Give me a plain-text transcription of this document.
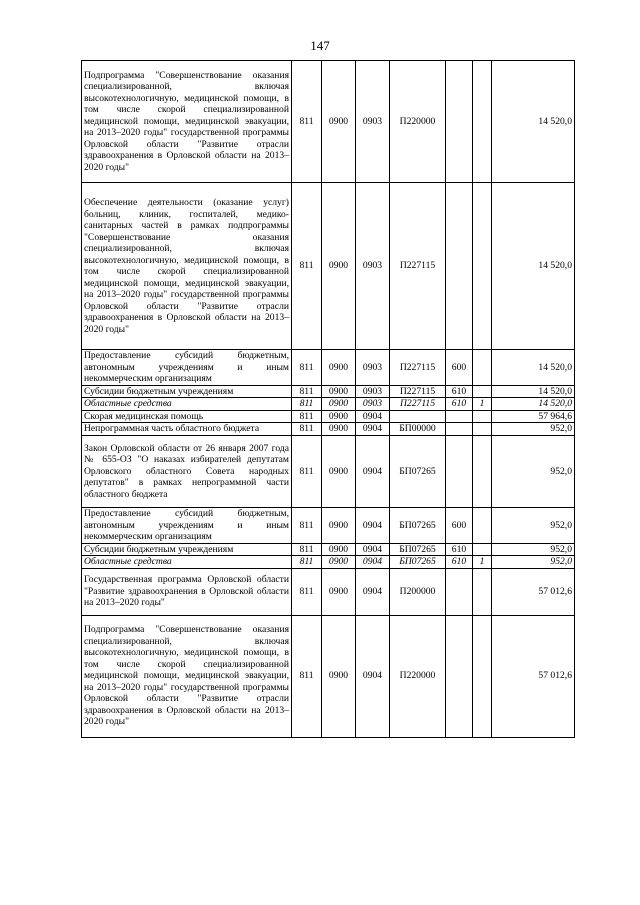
147
Подпрограмма "Совершенствование оказания специализированной, включая высокотехнологичную, медицинской помощи, в том числе скорой специализированной медицинской помощи, медицинской эвакуации, на 2013–2020 годы" государственной программы Орловской области "Развитие отрасли здравоохранения в Орловской области на 2013–2020 годы"	811	0900	0903	П220000			14 520,0
Обеспечение деятельности (оказание услуг) больниц, клиник, госпиталей, медико-санитарных частей в рамках подпрограммы "Совершенствование оказания специализированной, включая высокотехнологичную, медицинской помощи, в том числе скорой специализированной медицинской помощи, медицинской эвакуации, на 2013–2020 годы" государственной программы Орловской области "Развитие отрасли здравоохранения в Орловской области на 2013–2020 годы"	811	0900	0903	П227115			14 520,0
Предоставление субсидий бюджетным, автономным учреждениям и иным некоммерческим организациям	811	0900	0903	П227115	600		14 520,0
Субсидии бюджетным учреждениям	811	0900	0903	П227115	610		14 520,0
Областные средства	811	0900	0903	П227115	610	1	14 520,0
Скорая медицинская помощь	811	0900	0904				57 964,6
Непрограммная часть областного бюджета	811	0900	0904	БП00000			952,0
Закон Орловской области от 26 января 2007 года № 655-ОЗ "О наказах избирателей депутатам Орловского областного Совета народных депутатов" в рамках непрограммной части областного бюджета	811	0900	0904	БП07265			952,0
Предоставление субсидий бюджетным, автономным учреждениям и иным некоммерческим организациям	811	0900	0904	БП07265	600		952,0
Субсидии бюджетным учреждениям	811	0900	0904	БП07265	610		952,0
Областные средства	811	0900	0904	БП07265	610	1	952,0
Государственная программа Орловской области "Развитие здравоохранения в Орловской области на 2013–2020 годы"	811	0900	0904	П200000			57 012,6
Подпрограмма "Совершенствование оказания специализированной, включая высокотехнологичную, медицинской помощи, в том числе скорой специализированной медицинской помощи, медицинской эвакуации, на 2013–2020 годы" государственной программы Орловской области "Развитие отрасли здравоохранения в Орловской области на 2013–2020 годы"	811	0900	0904	П220000			57 012,6
